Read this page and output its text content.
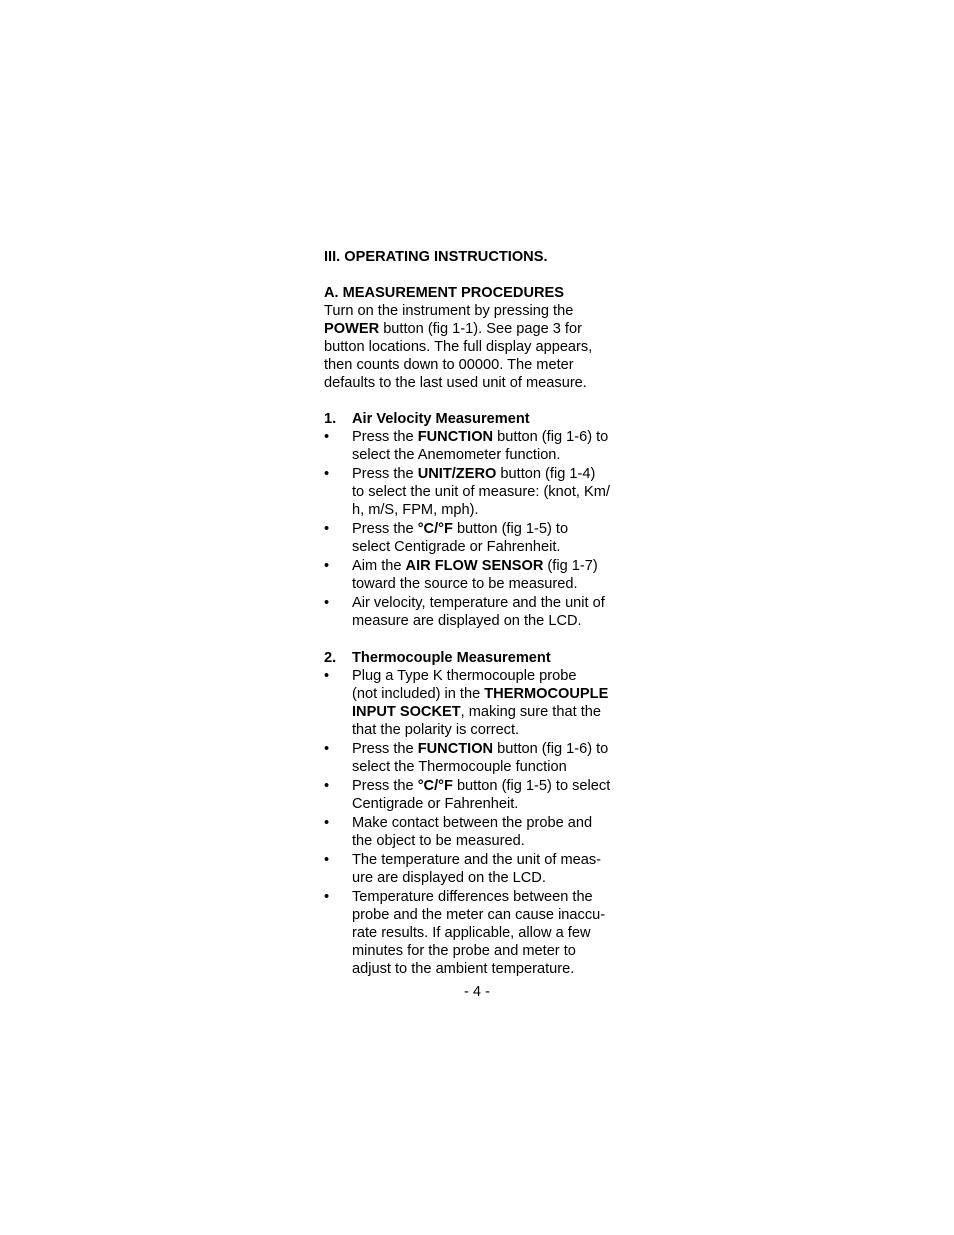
III. OPERATING INSTRUCTIONS.
A. MEASUREMENT PROCEDURES
Turn on the instrument by pressing the
POWER button (fig 1-1). See page 3 for
button locations. The full display appears,
then counts down to 00000. The meter
defaults to the last used unit of measure.
1. Air Velocity Measurement
•	Press the FUNCTION button (fig 1-6) to
select the Anemometer function.
•	Press the UNIT/ZERO button (fig 1-4)
to select the unit of measure: (knot, Km/
h, m/S, FPM, mph).
•	Press the °C/°F button (fig 1-5) to
select Centigrade or Fahrenheit.
•	Aim the AIR FLOW SENSOR (fig 1-7)
toward the source to be measured.
•	Air velocity, temperature and the unit of
measure are displayed on the LCD.
2. Thermocouple Measurement
•	Plug a Type K thermocouple probe
(not included) in the THERMOCOUPLE
INPUT SOCKET, making sure that the
that the polarity is correct.
•	Press the FUNCTION button (fig 1-6) to
select the Thermocouple function
•	Press the °C/°F button (fig 1-5) to select
Centigrade or Fahrenheit.
•	Make contact between the probe and
the object to be measured.
•	The temperature and the unit of meas-
ure are displayed on the LCD.
•	Temperature differences between the
probe and the meter can cause inaccu-
rate results. If applicable, allow a few
minutes for the probe and meter to
adjust to the ambient temperature.
- 4 -
